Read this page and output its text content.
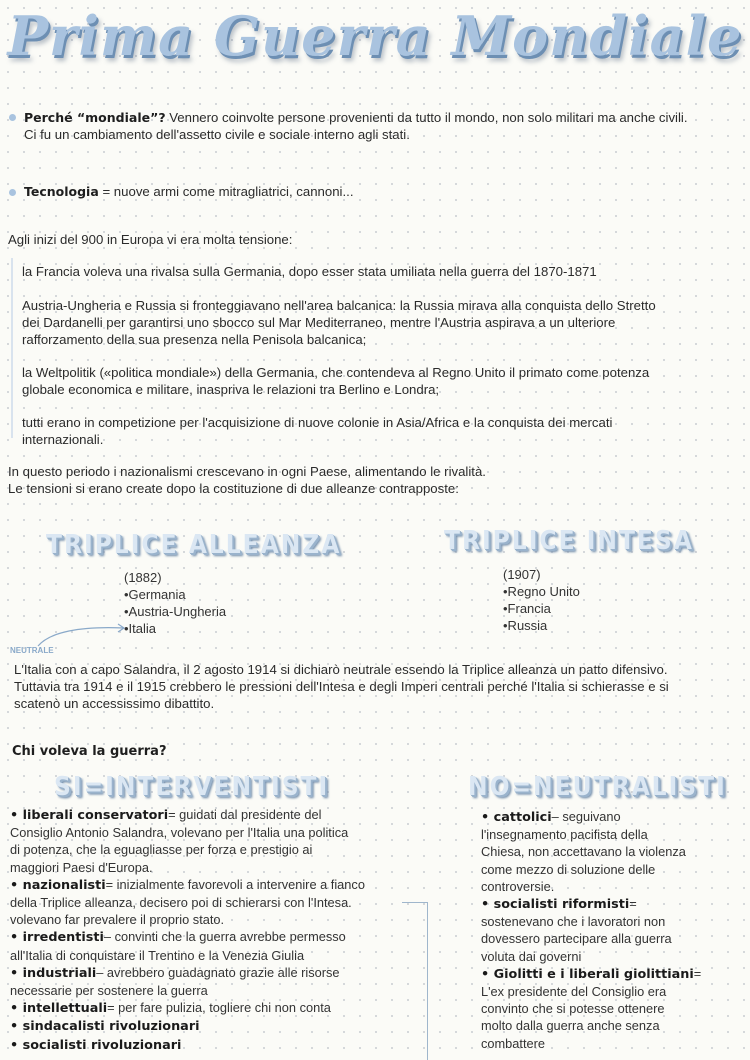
Prima Guerra Mondiale
Perché “mondiale”? Vennero coinvolte persone provenienti da tutto il mondo, non solo militari ma anche civili.
Ci fu un cambiamento dell'assetto civile e sociale interno agli stati.
Tecnologia = nuove armi come mitragliatrici, cannoni...
Agli inizi del 900 in Europa vi era molta tensione:
la Francia voleva una rivalsa sulla Germania, dopo esser stata umiliata nella guerra del 1870-1871
Austria-Ungheria e Russia si fronteggiavano nell'area balcanica: la Russia mirava alla conquista dello Stretto
dei Dardanelli per garantirsi uno sbocco sul Mar Mediterraneo, mentre l'Austria aspirava a un ulteriore
rafforzamento della sua presenza nella Penisola balcanica;
la Weltpolitik («politica mondiale») della Germania, che contendeva al Regno Unito il primato come potenza
globale economica e militare, inaspriva le relazioni tra Berlino e Londra;
tutti erano in competizione per l'acquisizione di nuove colonie in Asia/Africa e la conquista dei mercati
internazionali.
In questo periodo i nazionalismi crescevano in ogni Paese, alimentando le rivalità.
Le tensioni si erano create dopo la costituzione di due alleanze contrapposte:
TRIPLICE ALLEANZA
(1882)
•Germania
•Austria-Ungheria
•Italia
TRIPLICE INTESA
(1907)
•Regno Unito
•Francia
•Russia
NEUTRALE
L'Italia con a capo Salandra, il 2 agosto 1914 si dichiarò neutrale essendo la Triplice alleanza un patto difensivo.
Tuttavia tra 1914 e il 1915 crebbero le pressioni dell'Intesa e degli Imperi centrali perché l'Italia si schierasse e si
scatenò un accessissimo dibattito.
Chi voleva la guerra?
SI=INTERVENTISTI	NO=NEUTRALISTI
• liberali conservatori= guidati dal presidente del
Consiglio Antonio Salandra, volevano per l'Italia una politica
di potenza, che la eguagliasse per forza e prestigio ai
maggiori Paesi d'Europa.
• nazionalisti= inizialmente favorevoli a intervenire a fianco
della Triplice alleanza, decisero poi di schierarsi con l'Intesa.
volevano far prevalere il proprio stato.
• irredentisti– convinti che la guerra avrebbe permesso
all'Italia di conquistare il Trentino e la Venezia Giulia
• industriali– avrebbero guadagnato grazie alle risorse
necessarie per sostenere la guerra
• intellettuali= per fare pulizia, togliere chi non conta
• sindacalisti rivoluzionari
• socialisti rivoluzionari
• cattolici– seguivano
l'insegnamento pacifista della
Chiesa, non accettavano la violenza
come mezzo di soluzione delle
controversie.
• socialisti riformisti=
sostenevano che i lavoratori non
dovessero partecipare alla guerra
voluta dai governi
• Giolitti e i liberali giolittiani=
L'ex presidente del Consiglio era
convinto che si potesse ottenere
molto dalla guerra anche senza
combattere
